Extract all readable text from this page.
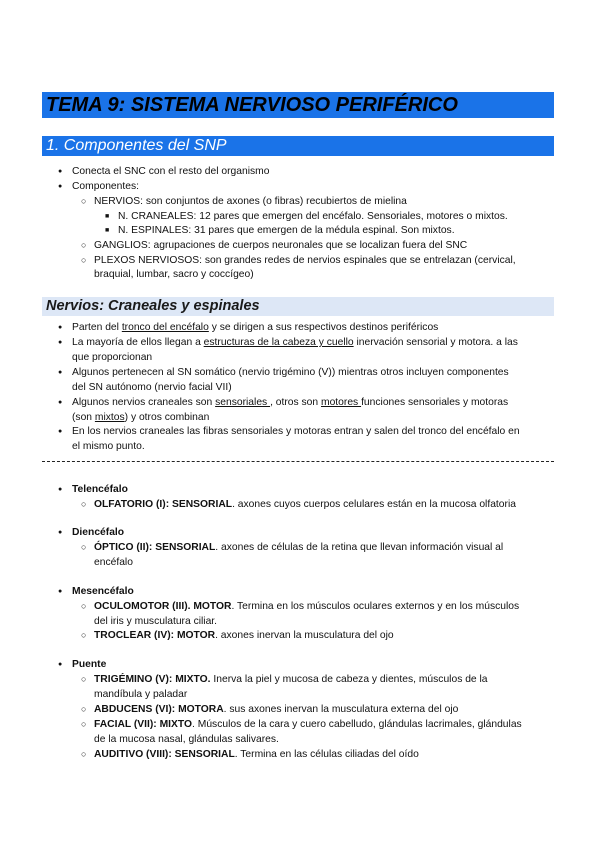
TEMA 9: SISTEMA NERVIOSO PERIFÉRICO
1. Componentes del SNP
● Conecta el SNC con el resto del organismo
● Componentes:
○ NERVIOS: son conjuntos de axones (o fibras) recubiertos de mielina
■ N. CRANEALES: 12 pares que emergen del encéfalo. Sensoriales, motores o mixtos.
■ N. ESPINALES: 31 pares que emergen de la médula espinal. Son mixtos.
○ GANGLIOS: agrupaciones de cuerpos neuronales que se localizan fuera del SNC
○ PLEXOS NERVIOSOS: son grandes redes de nervios espinales que se entrelazan (cervical,
braquial, lumbar, sacro y coccígeo)
Nervios: Craneales y espinales
● Parten del tronco del encéfalo y se dirigen a sus respectivos destinos periféricos
● La mayoría de ellos llegan a estructuras de la cabeza y cuello inervación sensorial y motora. a las
que proporcionan
● Algunos pertenecen al SN somático (nervio trigémino (V)) mientras otros incluyen componentes
del SN autónomo (nervio facial VII)
● Algunos nervios craneales son sensoriales , otros son motores funciones sensoriales y motoras
(son mixtos) y otros combinan
● En los nervios craneales las fibras sensoriales y motoras entran y salen del tronco del encéfalo en
el mismo punto.
● Telencéfalo
○ OLFATORIO (I): SENSORIAL. axones cuyos cuerpos celulares están en la mucosa olfatoria
● Diencéfalo
○ ÓPTICO (II): SENSORIAL. axones de células de la retina que llevan información visual al
encéfalo
● Mesencéfalo
○ OCULOMOTOR (III). MOTOR. Termina en los músculos oculares externos y en los músculos
del iris y musculatura ciliar.
○ TROCLEAR (IV): MOTOR. axones inervan la musculatura del ojo
● Puente
○ TRIGÉMINO (V): MIXTO. Inerva la piel y mucosa de cabeza y dientes, músculos de la
mandíbula y paladar
○ ABDUCENS (VI): MOTORA. sus axones inervan la musculatura externa del ojo
○ FACIAL (VII): MIXTO. Músculos de la cara y cuero cabelludo, glándulas lacrimales, glándulas
de la mucosa nasal, glándulas salivares.
○ AUDITIVO (VIII): SENSORIAL. Termina en las células ciliadas del oído
